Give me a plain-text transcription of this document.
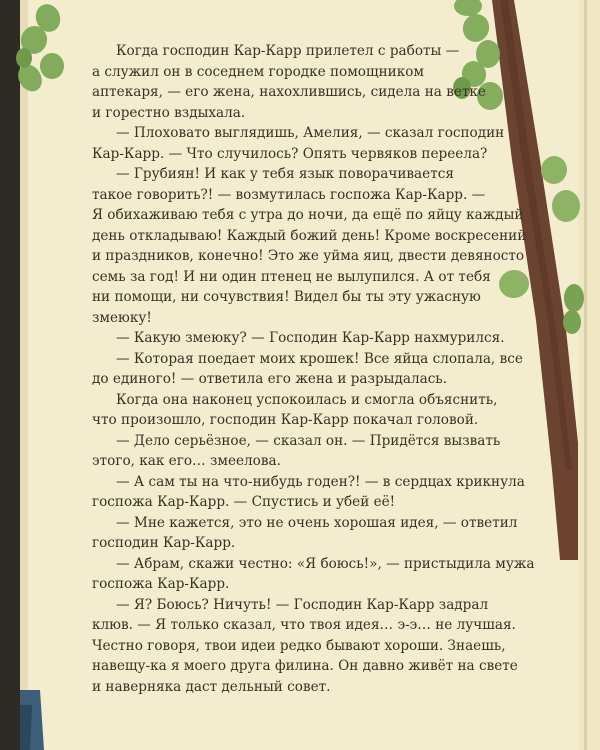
Когда господин Кар-Карр прилетел с работы —
а служил он в соседнем городке помощником
аптекаря, — его жена, нахохлившись, сидела на ветке
и горестно вздыхала.
— Плоховато выглядишь, Амелия, — сказал господин
Кар-Карр. — Что случилось? Опять червяков переела?
— Грубиян! И как у тебя язык поворачивается
такое говорить?! — возмутилась госпожа Кар-Карр. —
Я обихаживаю тебя с утра до ночи, да ещё по яйцу каждый
день откладываю! Каждый божий день! Кроме воскресений
и праздников, конечно! Это же уйма яиц, двести девяносто
семь за год! И ни один птенец не вылупился. А от тебя
ни помощи, ни сочувствия! Видел бы ты эту ужасную
змеюку!
— Какую змеюку? — Господин Кар-Карр нахмурился.
— Которая поедает моих крошек! Все яйца слопала, все
до единого! — ответила его жена и разрыдалась.
Когда она наконец успокоилась и смогла объяснить,
что произошло, господин Кар-Карр покачал головой.
— Дело серьёзное, — сказал он. — Придётся вызвать
этого, как его… змеелова.
— А сам ты на что-нибудь годен?! — в сердцах крикнула
госпожа Кар-Карр. — Спустись и убей её!
— Мне кажется, это не очень хорошая идея, — ответил
господин Кар-Карр.
— Абрам, скажи честно: «Я боюсь!», — пристыдила мужа
госпожа Кар-Карр.
— Я? Боюсь? Ничуть! — Господин Кар-Карр задрал
клюв. — Я только сказал, что твоя идея… э-э… не лучшая.
Честно говоря, твои идеи редко бывают хороши. Знаешь,
навещу-ка я моего друга филина. Он давно живёт на свете
и наверняка даст дельный совет.
